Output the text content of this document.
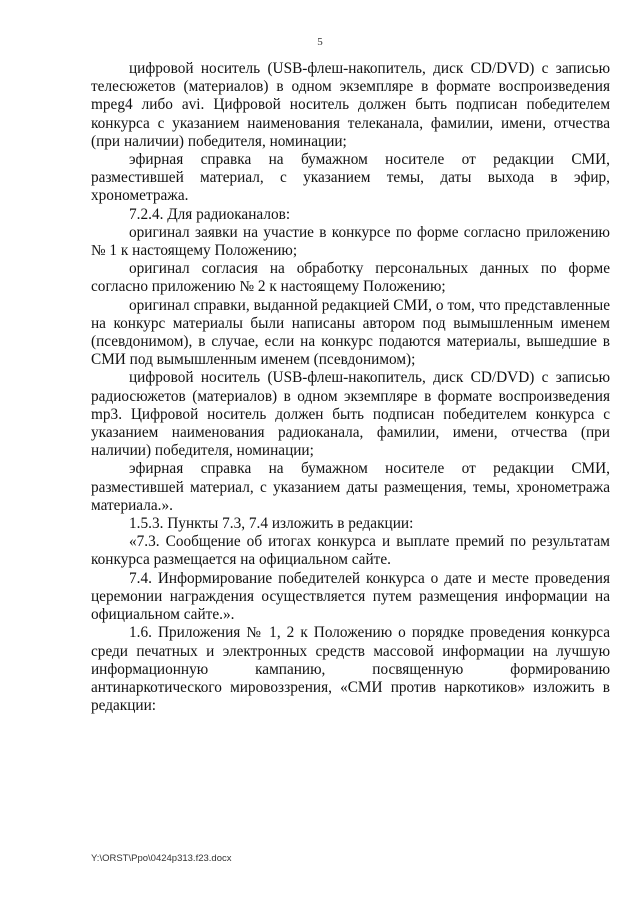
5

цифровой носитель (USB-флеш-накопитель, диск CD/DVD) с записью телесюжетов (материалов) в одном экземпляре в формате воспроизведения mpeg4 либо avi. Цифровой носитель должен быть подписан победителем конкурса с указанием наименования телеканала, фамилии, имени, отчества (при наличии) победителя, номинации;

эфирная справка на бумажном носителе от редакции СМИ, разместившей материал, с указанием темы, даты выхода в эфир, хронометража.

7.2.4. Для радиоканалов:

оригинал заявки на участие в конкурсе по форме согласно приложению № 1 к настоящему Положению;

оригинал согласия на обработку персональных данных по форме согласно приложению № 2 к настоящему Положению;

оригинал справки, выданной редакцией СМИ, о том, что представленные на конкурс материалы были написаны автором под вымышленным именем (псевдонимом), в случае, если на конкурс подаются материалы, вышедшие в СМИ под вымышленным именем (псевдонимом);

цифровой носитель (USB-флеш-накопитель, диск CD/DVD) с записью радиосюжетов (материалов) в одном экземпляре в формате воспроизведения mp3. Цифровой носитель должен быть подписан победителем конкурса с указанием наименования радиоканала, фамилии, имени, отчества (при наличии) победителя, номинации;

эфирная справка на бумажном носителе от редакции СМИ, разместившей материал, с указанием даты размещения, темы, хронометража материала.».

1.5.3. Пункты 7.3, 7.4 изложить в редакции:

«7.3. Сообщение об итогах конкурса и выплате премий по результатам конкурса размещается на официальном сайте.

7.4. Информирование победителей конкурса о дате и месте проведения церемонии награждения осуществляется путем размещения информации на официальном сайте.».

1.6. Приложения № 1, 2 к Положению о порядке проведения конкурса среди печатных и электронных средств массовой информации на лучшую информационную кампанию, посвященную формированию антинаркотического мировоззрения, «СМИ против наркотиков» изложить в редакции:

Y:\ORST\Ppo\0424p313.f23.docx
